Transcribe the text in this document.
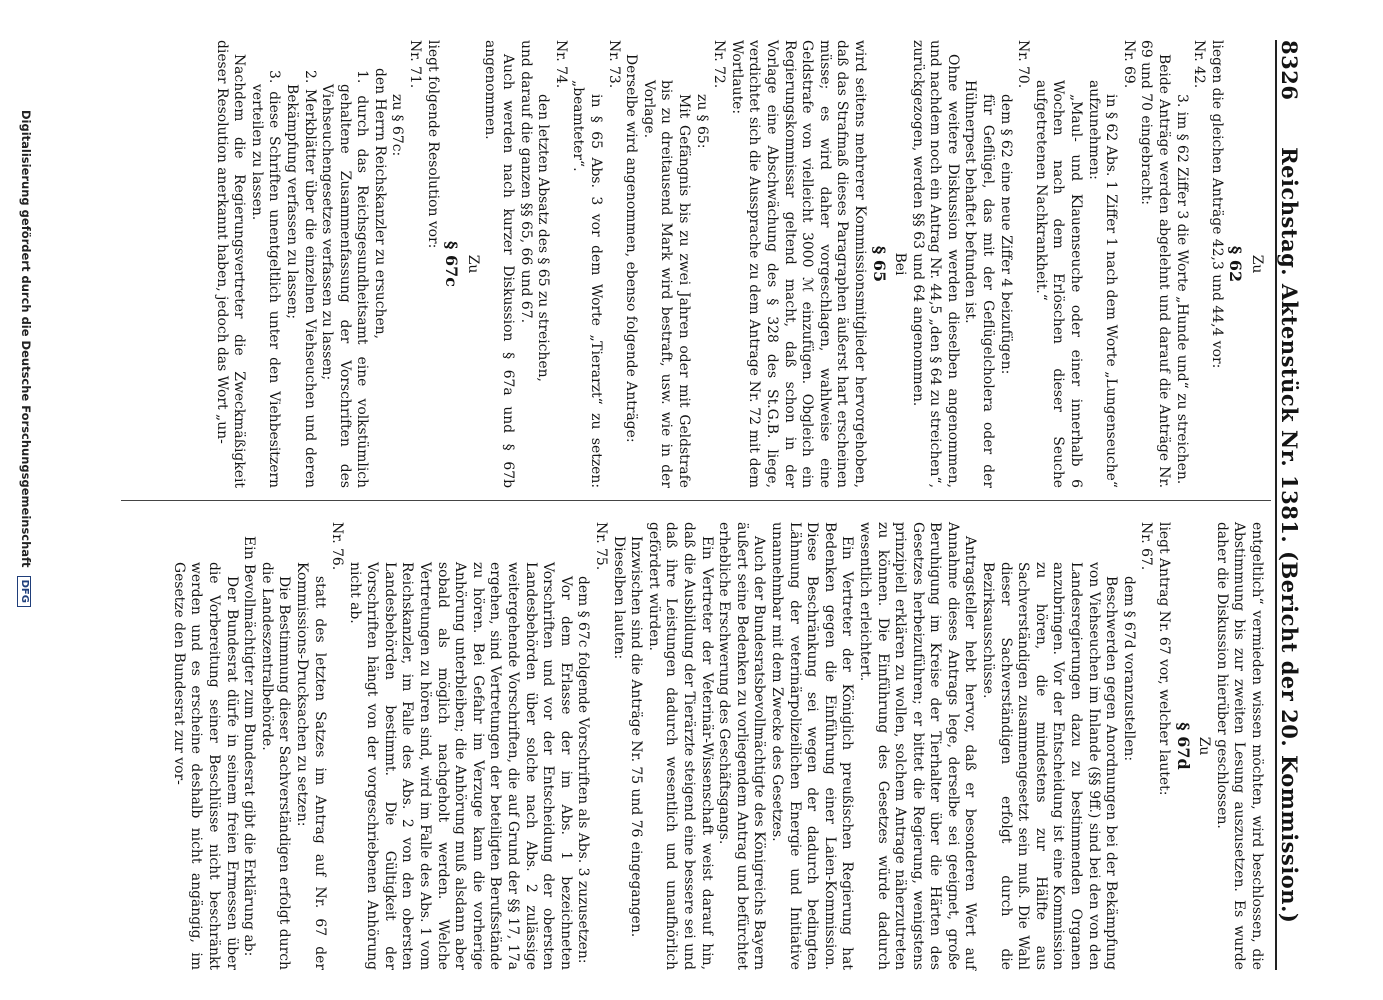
8326
Reichstag. Aktenstück Nr. 1381. (Bericht der 20. Kommission.)

Zu

§ 62

liegen die gleichen Anträge 42,3 und 44,4 vor:

Nr. 42.

3. im § 62 Ziffer 3 die Worte „Hunde und“ zu streichen.

Beide Anträge werden abgelehnt und darauf die Anträge Nr. 69 und 70 eingebracht:

Nr. 69.

in § 62 Abs. 1 Ziffer 1 nach dem Worte „Lungenseuche“ aufzunehmen:

„Maul- und Klauenseuche oder einer innerhalb 6 Wochen nach dem Erlöschen dieser Seuche aufgetretenen Nachkrankheit.“

Nr. 70.

dem § 62 eine neue Ziffer 4 beizufügen:

für Geflügel, das mit der Geflügelcholera oder der Hühnerpest behaftet befunden ist.

Ohne weitere Diskussion werden dieselben angenommen, und nachdem noch ein Antrag Nr. 44,5 „den § 64 zu streichen“, zurückgezogen, werden §§ 63 und 64 angenommen.

Bei

§ 65

wird seitens mehrerer Kommissionsmitglieder hervorgehoben, daß das Strafmaß dieses Paragraphen äußerst hart erscheinen müsse; es wird daher vorgeschlagen, wahlweise eine Geldstrafe von vielleicht 3000 ℳ einzufügen. Obgleich ein Regierungskommissar geltend macht, daß schon in der Vorlage eine Abschwächung des § 328 des St.G.B. liege, verdichtet sich die Aussprache zu dem Antrage Nr. 72 mit dem Wortlaute:

Nr. 72.

zu § 65:

Mit Gefängnis bis zu zwei Jahren oder mit Geldstrafe bis zu dreitausend Mark wird bestraft, usw. wie in der Vorlage.

Derselbe wird angenommen, ebenso folgende Anträge:

Nr. 73.

in § 65 Abs. 3 vor dem Worte „Tierarzt“ zu setzen: „beamteter“.

Nr. 74.

den letzten Absatz des § 65 zu streichen,

und darauf die ganzen §§ 65, 66 und 67.

Auch werden nach kurzer Diskussion § 67a und § 67b angenommen.

Zu

§ 67c

liegt folgende Resolution vor:

Nr. 71.

zu § 67c:

den Herrn Reichskanzler zu ersuchen,

1. durch das Reichsgesundheitsamt eine volkstümlich gehaltene Zusammenfassung der Vorschriften des Viehseuchengesetzes verfassen zu lassen;

2. Merkblätter über die einzelnen Viehseuchen und deren Bekämpfung verfassen zu lassen;

3. diese Schriften unentgeltlich unter den Viehbesitzern verteilen zu lassen.

Nachdem die Regierungsvertreter die Zweckmäßigkeit dieser Resolution anerkannt haben, jedoch das Wort „un-

entgeltlich“ vermieden wissen möchten, wird beschlossen, die Abstimmung bis zur zweiten Lesung auszusetzen. Es wurde daher die Diskussion hierüber geschlossen.

Zu

§ 67d

liegt Antrag Nr. 67 vor, welcher lautet:

Nr. 67.

dem § 67d voranzustellen:

Beschwerden gegen Anordnungen bei der Bekämpfung von Viehseuchen im Inlande (§§ 9ff.) sind bei den von den Landesregierungen dazu zu bestimmenden Organen anzubringen. Vor der Entscheidung ist eine Kommission zu hören, die mindestens zur Hälfte aus Sachverständigen zusammengesetzt sein muß. Die Wahl dieser Sachverständigen erfolgt durch die Bezirksausschüsse.

Antragsteller hebt hervor, daß er besonderen Wert auf Annahme dieses Antrags lege, derselbe sei geeignet, große Beruhigung im Kreise der Tierhalter über die Härten des Gesetzes herbeizuführen; er bittet die Regierung, wenigstens prinzipiell erklären zu wollen, solchem Antrage näherzutreten zu können. Die Einführung des Gesetzes würde dadurch wesentlich erleichtert.

Ein Vertreter der Königlich preußischen Regierung hat Bedenken gegen die Einführung einer Laien-Kommission. Diese Beschränkung sei wegen der dadurch bedingten Lähmung der veterinärpolizeilichen Energie und Initiative unannehmbar mit dem Zwecke des Gesetzes.

Auch der Bundesratsbevollmächtigte des Königreichs Bayern äußert seine Bedenken zu vorliegendem Antrag und befürchtet erhebliche Erschwerung des Geschäftsgangs.

Ein Vertreter der Veterinär-Wissenschaft weist darauf hin, daß die Ausbildung der Tierärzte steigend eine bessere sei und daß ihre Leistungen dadurch wesentlich und unaufhörlich gefördert würden.

Inzwischen sind die Anträge Nr. 75 und 76 eingegangen.

Dieselben lauten:

Nr. 75.

dem § 67c folgende Vorschriften als Abs. 3 zuzusetzen:

Vor dem Erlasse der im Abs. 1 bezeichneten Vorschriften und vor der Entscheidung der obersten Landesbehörden über solche nach Abs. 2 zulässige weitergehende Vorschriften, die auf Grund der §§ 17, 17a ergehen, sind Vertretungen der beteiligten Berufsstände zu hören. Bei Gefahr im Verzuge kann die vorherige Anhörung unterbleiben; die Anhörung muß alsdann aber sobald als möglich nachgeholt werden. Welche Vertretungen zu hören sind, wird im Falle des Abs. 1 vom Reichskanzler, im Falle des Abs. 2 von den obersten Landesbehörden bestimmt. Die Gültigkeit der Vorschriften hängt von der vorgeschriebenen Anhörung nicht ab.

Nr. 76.

statt des letzten Satzes im Antrag auf Nr. 67 der Kommissions-Drucksachen zu setzen:

Die Bestimmung dieser Sachverständigen erfolgt durch die Landeszentralbehörde.

Ein Bevollmächtigter zum Bundesrat gibt die Erklärung ab:

Der Bundesrat dürfe in seinem freien Ermessen über die Vorbereitung seiner Beschlüsse nicht beschränkt werden und es erscheine deshalb nicht angängig, im Gesetze den Bundesrat zur vor-

Digitalisierung gefördert durch die Deutsche Forschungsgemeinschaft DFG
